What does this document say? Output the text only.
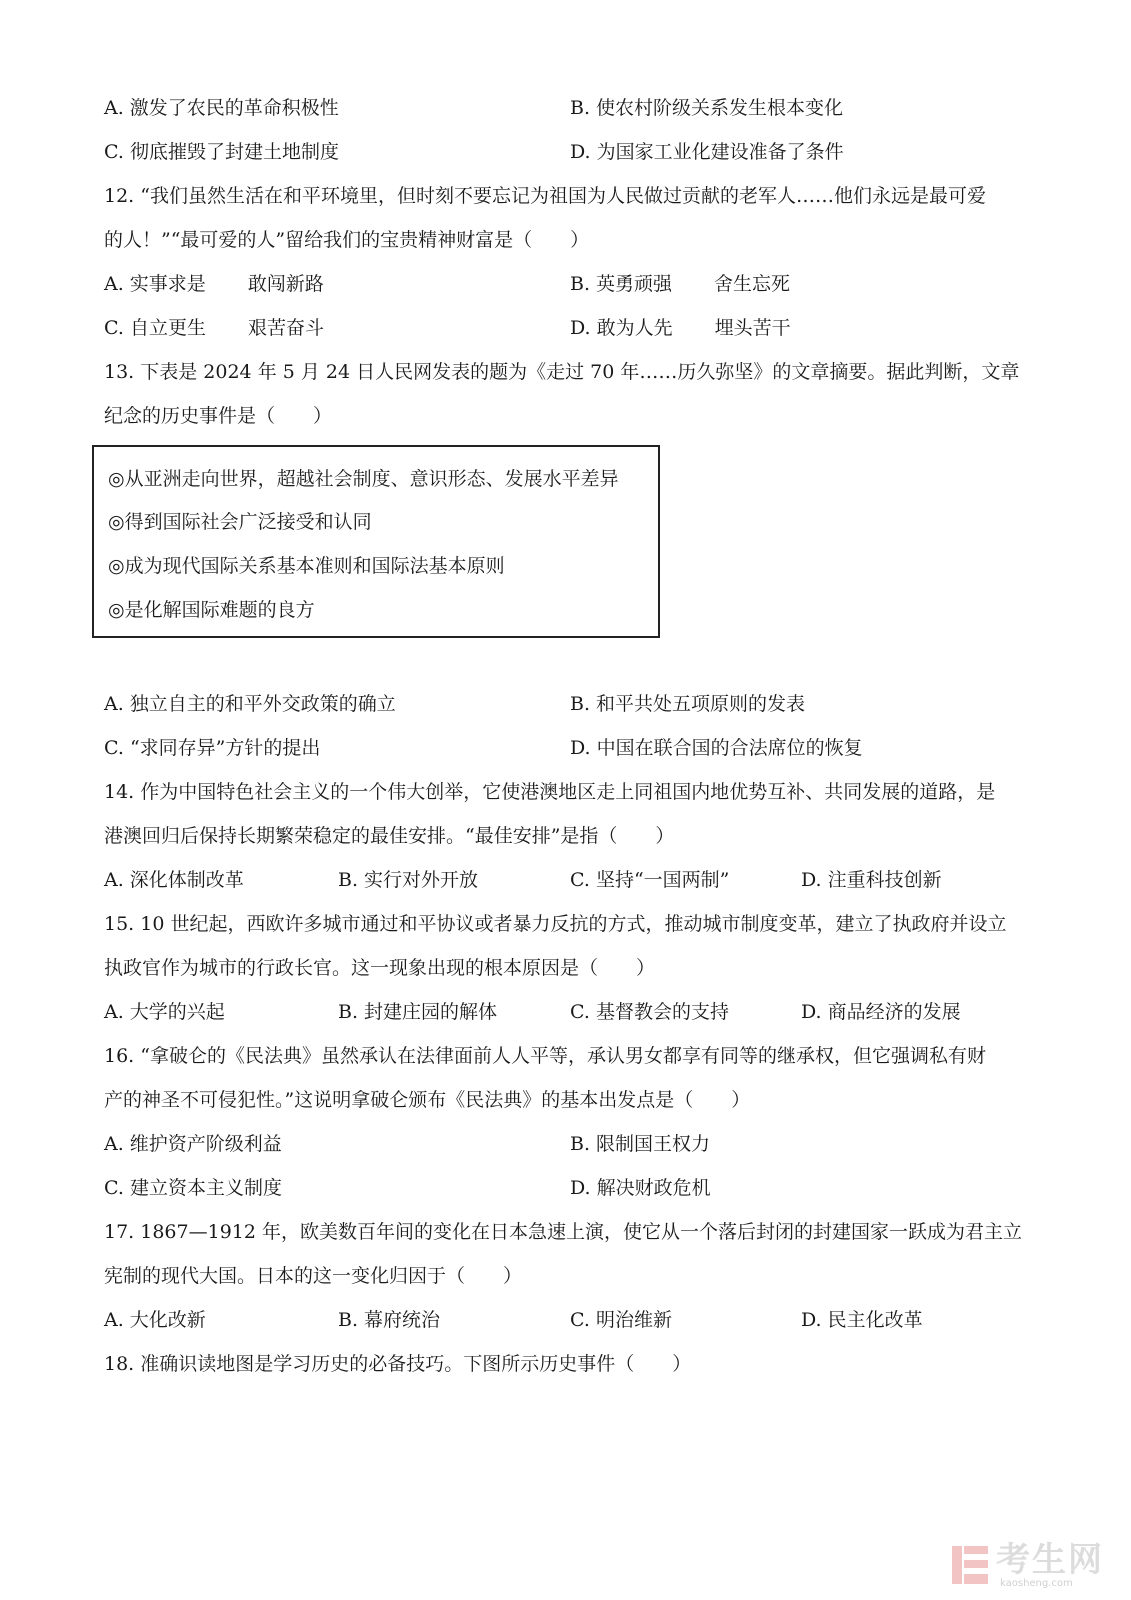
A. 激发了农民的革命积极性	B. 使农村阶级关系发生根本变化
C. 彻底摧毁了封建土地制度	D. 为国家工业化建设准备了条件
12. “我们虽然生活在和平环境里，但时刻不要忘记为祖国为人民做过贡献的老军人……他们永远是最可爱
的人！”“最可爱的人”留给我们的宝贵精神财富是（　　）
A. 实事求是 敢闯新路	B. 英勇顽强 舍生忘死
C. 自立更生 艰苦奋斗	D. 敢为人先 埋头苦干
13. 下表是 2024 年 5 月 24 日人民网发表的题为《走过 70 年……历久弥坚》的文章摘要。据此判断，文章
纪念的历史事件是（　　）
◎从亚洲走向世界，超越社会制度、意识形态、发展水平差异
◎得到国际社会广泛接受和认同
◎成为现代国际关系基本准则和国际法基本原则
◎是化解国际难题的良方
A. 独立自主的和平外交政策的确立	B. 和平共处五项原则的发表
C. “求同存异”方针的提出	D. 中国在联合国的合法席位的恢复
14. 作为中国特色社会主义的一个伟大创举，它使港澳地区走上同祖国内地优势互补、共同发展的道路，是
港澳回归后保持长期繁荣稳定的最佳安排。“最佳安排”是指（　　）
A. 深化体制改革	B. 实行对外开放	C. 坚持“一国两制”	D. 注重科技创新
15. 10 世纪起，西欧许多城市通过和平协议或者暴力反抗的方式，推动城市制度变革，建立了执政府并设立
执政官作为城市的行政长官。这一现象出现的根本原因是（　　）
A. 大学的兴起	B. 封建庄园的解体	C. 基督教会的支持	D. 商品经济的发展
16. “拿破仑的《民法典》虽然承认在法律面前人人平等，承认男女都享有同等的继承权，但它强调私有财
产的神圣不可侵犯性。”这说明拿破仑颁布《民法典》的基本出发点是（　　）
A. 维护资产阶级利益	B. 限制国王权力
C. 建立资本主义制度	D. 解决财政危机
17. 1867—1912 年，欧美数百年间的变化在日本急速上演，使它从一个落后封闭的封建国家一跃成为君主立
宪制的现代大国。日本的这一变化归因于（　　）
A. 大化改新	B. 幕府统治	C. 明治维新	D. 民主化改革
18. 准确识读地图是学习历史的必备技巧。下图所示历史事件（　　）
考生网
kaosheng.com
